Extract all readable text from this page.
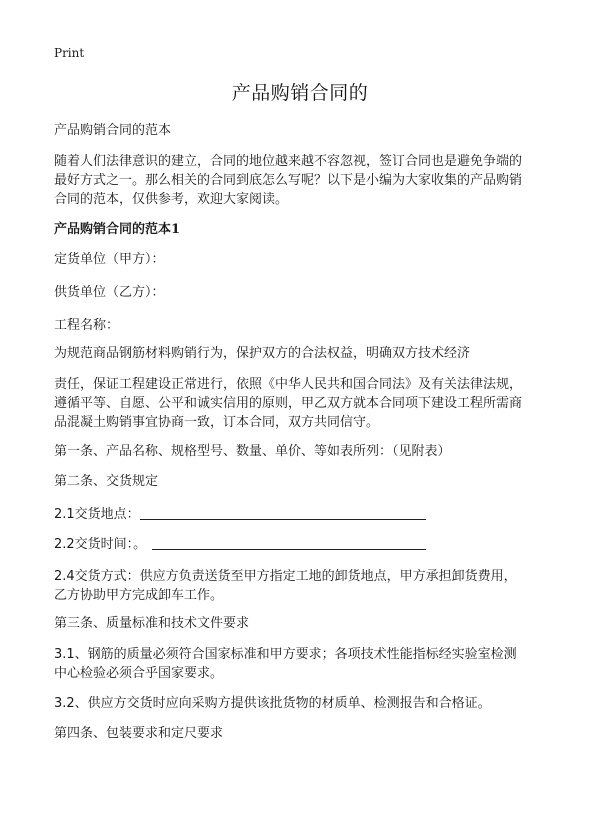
Print
产品购销合同的
产品购销合同的范本
随着人们法律意识的建立，合同的地位越来越不容忽视，签订合同也是避免争端的
最好方式之一。那么相关的合同到底怎么写呢？以下是小编为大家收集的产品购销
合同的范本，仅供参考，欢迎大家阅读。
产品购销合同的范本1
定货单位（甲方）：
供货单位（乙方）：
工程名称：
为规范商品钢筋材料购销行为，保护双方的合法权益，明确双方技术经济
责任，保证工程建设正常进行，依照《中华人民共和国合同法》及有关法律法规，
遵循平等、自愿、公平和诚实信用的原则，甲乙双方就本合同项下建设工程所需商
品混凝土购销事宜协商一致，订本合同，双方共同信守。
第一条、产品名称、规格型号、数量、单价、等如表所列：（见附表）
第二条、交货规定
2.1交货地点：
2.2交货时间：。
2.4交货方式：供应方负责送货至甲方指定工地的卸货地点，甲方承担卸货费用，
乙方协助甲方完成卸车工作。
第三条、质量标准和技术文件要求
3.1、钢筋的质量必须符合国家标准和甲方要求；各项技术性能指标经实验室检测
中心检验必须合乎国家要求。
3.2、供应方交货时应向采购方提供该批货物的材质单、检测报告和合格证。
第四条、包装要求和定尺要求
